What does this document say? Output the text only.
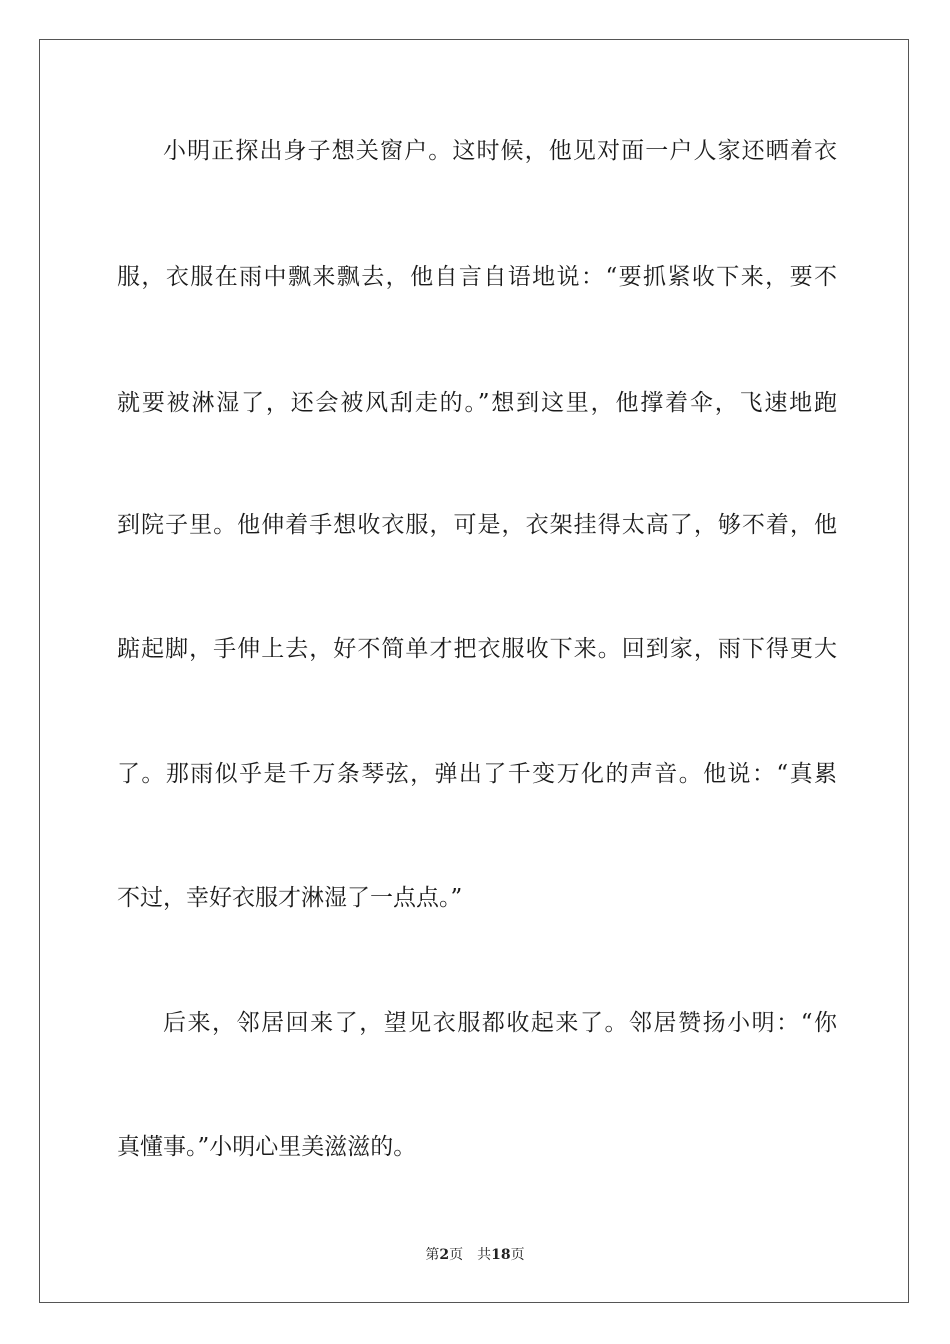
小明正探出身子想关窗户。这时候，他见对面一户人家还晒着衣
服，衣服在雨中飘来飘去，他自言自语地说：“要抓紧收下来，要不
就要被淋湿了，还会被风刮走的。”想到这里，他撑着伞，飞速地跑
到院子里。他伸着手想收衣服，可是，衣架挂得太高了，够不着，他
踮起脚，手伸上去，好不简单才把衣服收下来。回到家，雨下得更大
了。那雨似乎是千万条琴弦，弹出了千变万化的声音。他说：“真累
不过，幸好衣服才淋湿了一点点。”
后来，邻居回来了，望见衣服都收起来了。邻居赞扬小明：“你
真懂事。”小明心里美滋滋的。
第2页 共18页
